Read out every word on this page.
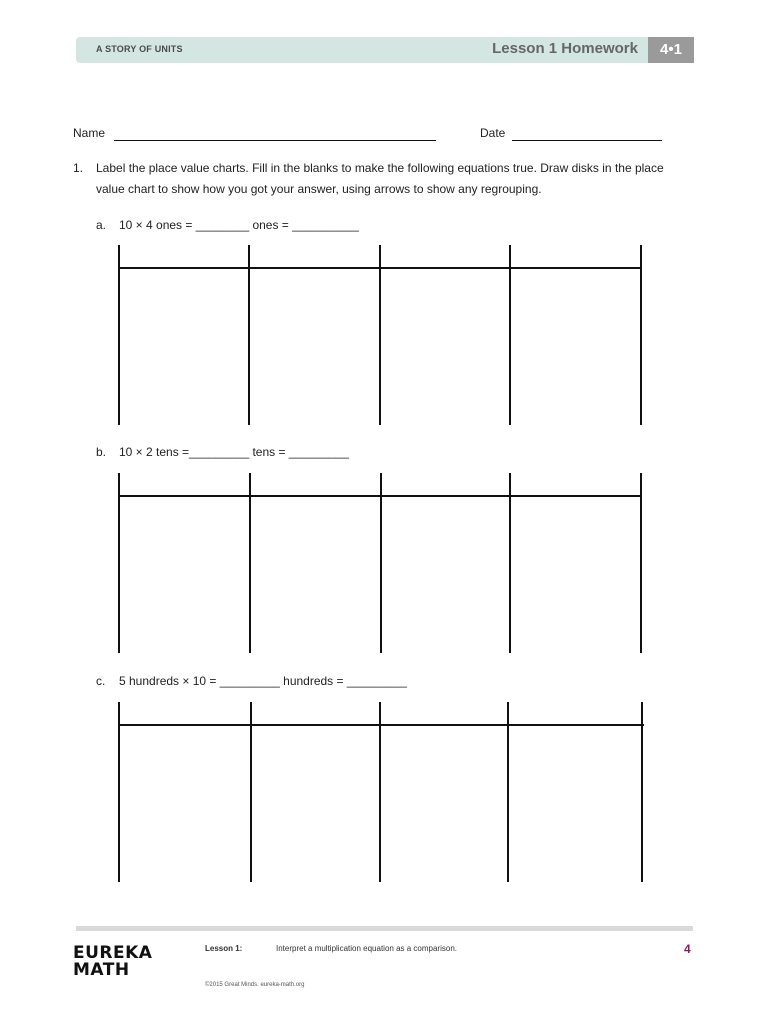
A STORY OF UNITS	Lesson 1 Homework	4•1
Name	Date
1. Label the place value charts. Fill in the blanks to make the following equations true. Draw disks in the place value chart to show how you got your answer, using arrows to show any regrouping.
a. 10 × 4 ones = ________ ones = __________
b. 10 × 2 tens =_________ tens = _________
c. 5 hundreds × 10 = _________ hundreds = _________
EUREKA
MATH
Lesson 1:	Interpret a multiplication equation as a comparison.	4
©2015 Great Minds. eureka-math.org
